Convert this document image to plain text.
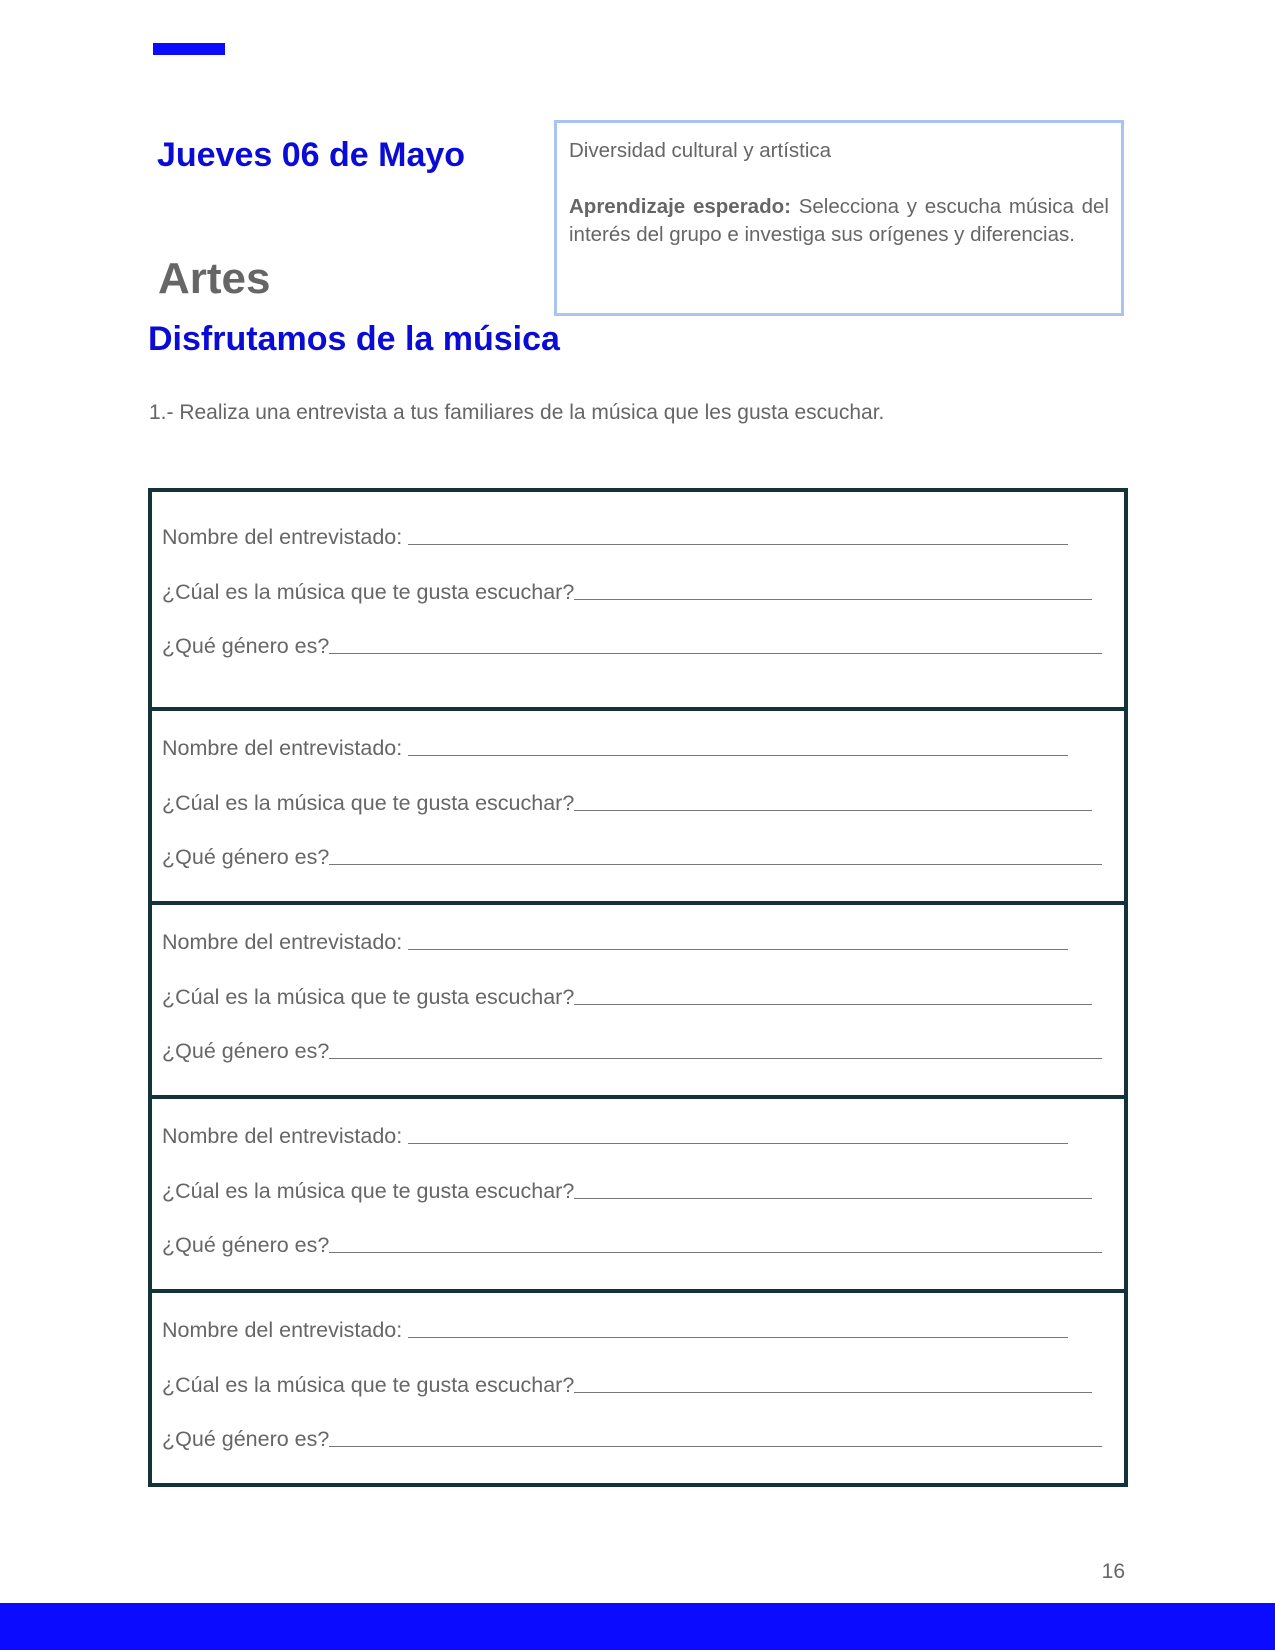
Jueves 06 de Mayo	Diversidad cultural y artística

Aprendizaje esperado: Selecciona y escucha música del interés del grupo e investiga sus orígenes y diferencias.

Artes
Disfrutamos de la música

1.- Realiza una entrevista a tus familiares de la música que les gusta escuchar.

Nombre del entrevistado:
¿Cúal es la música que te gusta escuchar?
¿Qué género es?
Nombre del entrevistado:
¿Cúal es la música que te gusta escuchar?
¿Qué género es?
Nombre del entrevistado:
¿Cúal es la música que te gusta escuchar?
¿Qué género es?
Nombre del entrevistado:
¿Cúal es la música que te gusta escuchar?
¿Qué género es?
Nombre del entrevistado:
¿Cúal es la música que te gusta escuchar?
¿Qué género es?

16
